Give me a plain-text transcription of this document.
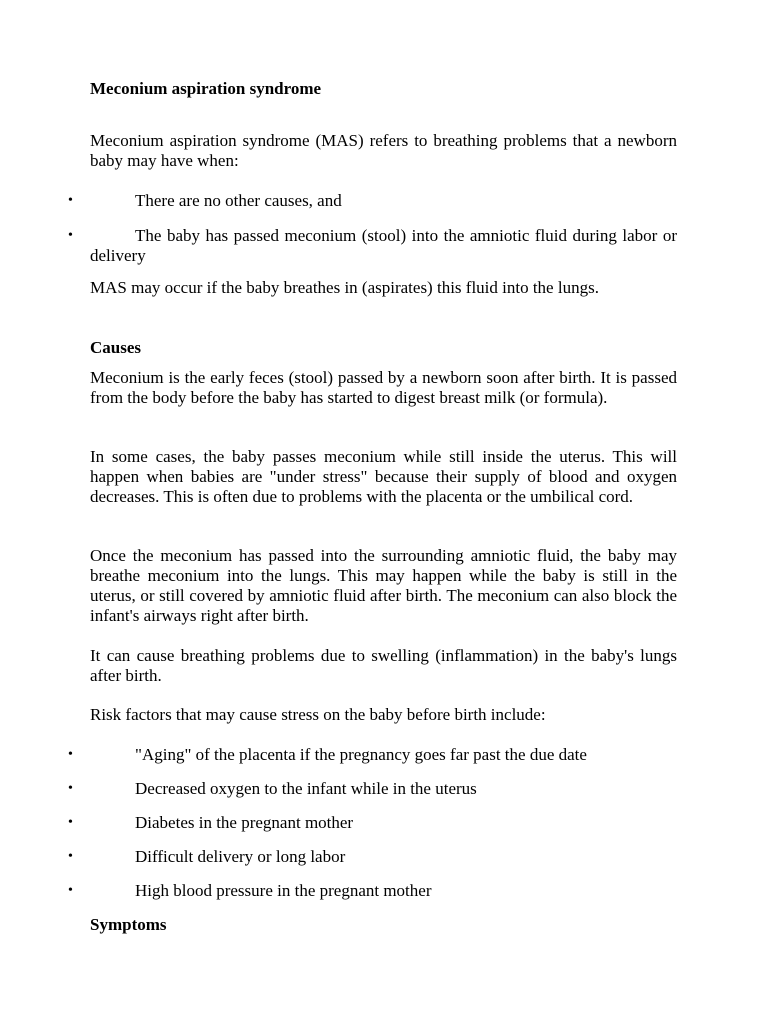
Meconium aspiration syndrome

Meconium aspiration syndrome (MAS) refers to breathing problems that a newborn baby may have when:

•	There are no other causes, and

•	The baby has passed meconium (stool) into the amniotic fluid during labor or delivery

MAS may occur if the baby breathes in (aspirates) this fluid into the lungs.

Causes

Meconium is the early feces (stool) passed by a newborn soon after birth. It is passed from the body before the baby has started to digest breast milk (or formula).

In some cases, the baby passes meconium while still inside the uterus. This will happen when babies are "under stress" because their supply of blood and oxygen decreases. This is often due to problems with the placenta or the umbilical cord.

Once the meconium has passed into the surrounding amniotic fluid, the baby may breathe meconium into the lungs. This may happen while the baby is still in the uterus, or still covered by amniotic fluid after birth. The meconium can also block the infant's airways right after birth.

It can cause breathing problems due to swelling (inflammation) in the baby's lungs after birth.

Risk factors that may cause stress on the baby before birth include:

•	"Aging" of the placenta if the pregnancy goes far past the due date

•	Decreased oxygen to the infant while in the uterus

•	Diabetes in the pregnant mother

•	Difficult delivery or long labor

•	High blood pressure in the pregnant mother

Symptoms
